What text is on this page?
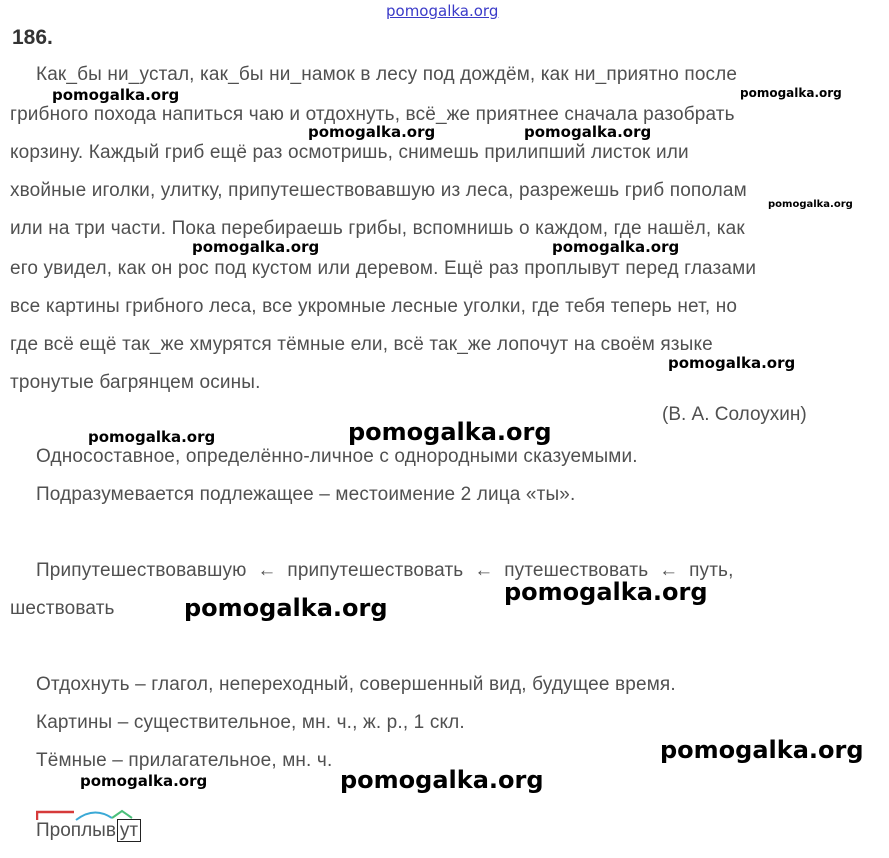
pomogalka.org
186.
Как_бы ни_устал, как_бы ни_намок в лесу под дождём, как ни_приятно после
грибного похода напиться чаю и отдохнуть, всё_же приятнее сначала разобрать
корзину. Каждый гриб ещё раз осмотришь, снимешь прилипший листок или
хвойные иголки, улитку, припутешествовавшую из леса, разрежешь гриб пополам
или на три части. Пока перебираешь грибы, вспомнишь о каждом, где нашёл, как
его увидел, как он рос под кустом или деревом. Ещё раз проплывут перед глазами
все картины грибного леса, все укромные лесные уголки, где тебя теперь нет, но
где всё ещё так_же хмурятся тёмные ели, всё так_же лопочут на своём языке
тронутые багрянцем осины.
(В. А. Солоухин)
Односоставное, определённо-личное с однородными сказуемыми.
Подразумевается подлежащее – местоимение 2 лица «ты».
Припутешествовавшую  ←  припутешествовать  ←  путешествовать  ←  путь,
шествовать
Отдохнуть – глагол, непереходный, совершенный вид, будущее время.
Картины – существительное, мн. ч., ж. р., 1 скл.
Тёмные – прилагательное, мн. ч.
Проплыв ут
pomogalka.org	pomogalka.org
pomogalka.org	pomogalka.org
pomogalka.org
pomogalka.org	pomogalka.org
pomogalka.org
pomogalka.org	pomogalka.org
pomogalka.org
pomogalka.org
pomogalka.org
pomogalka.org	pomogalka.org
